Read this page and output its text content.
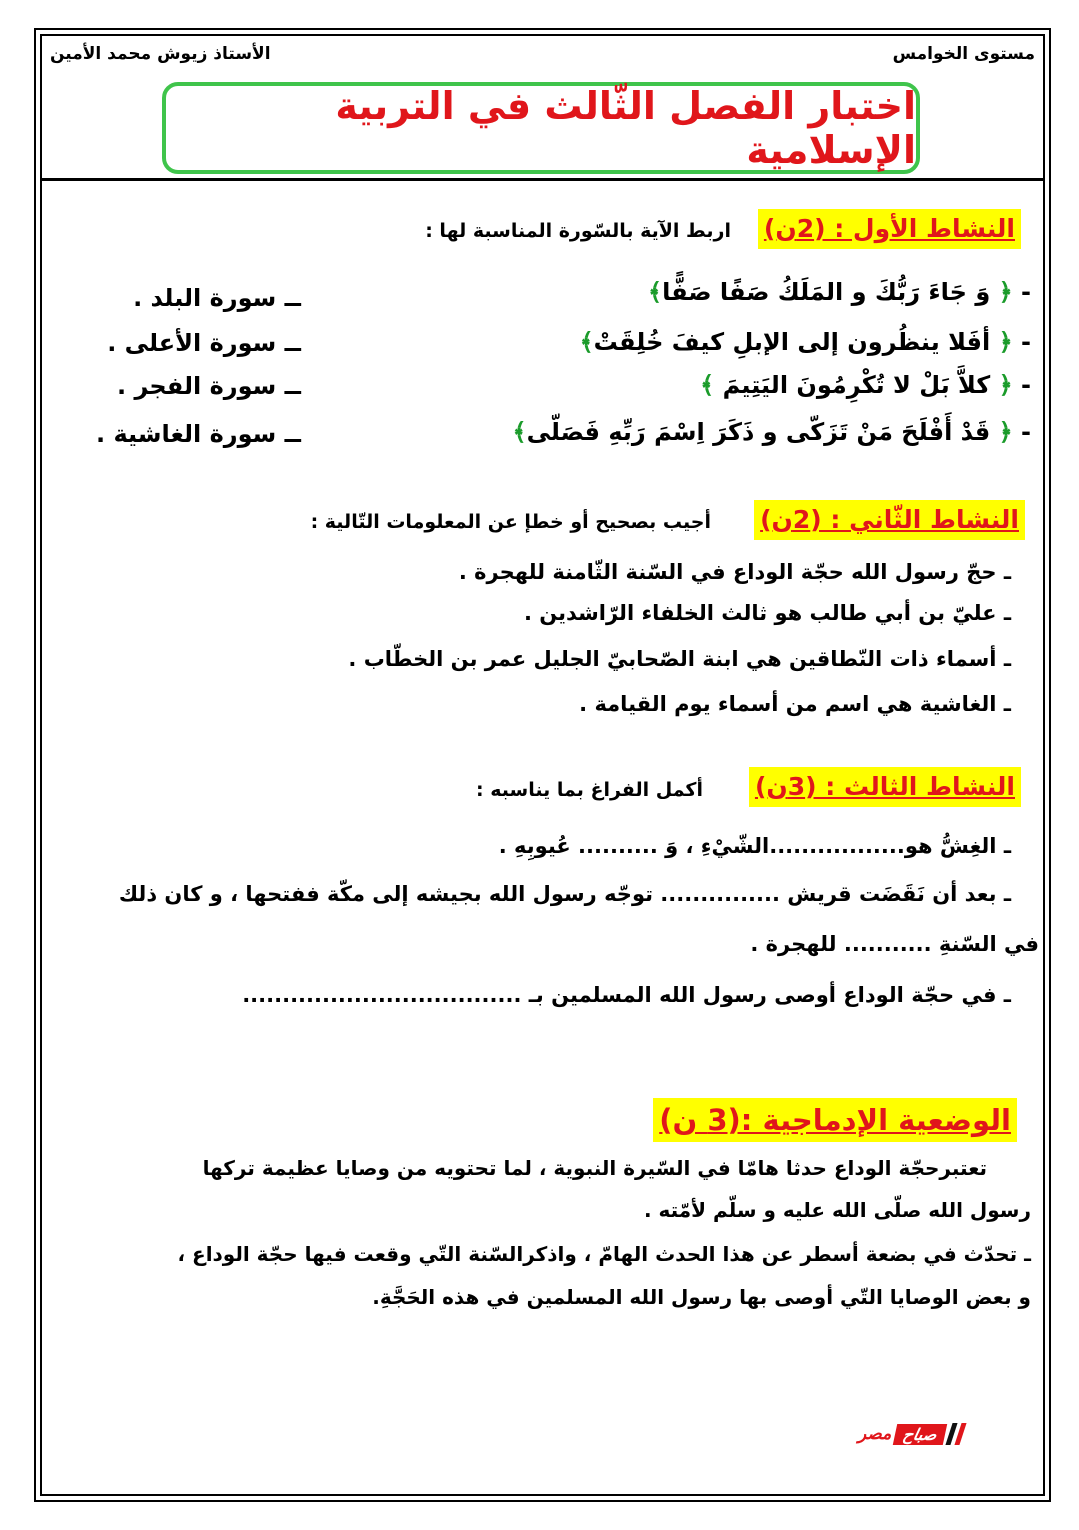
الأستاذ زيوش محمد الأمين	مستوى الخوامس
اختبار الفصل الثّالث في التربية الإسلامية
النشاط الأول : (2ن)
اربط الآية بالسّورة المناسبة لها :
- ﴿ وَ جَاءَ رَبُّكَ و المَلَكُ صَفًا صَفًّا﴾
- ﴿ أفَلا ينظُرون إلى الإبلِ كيفَ خُلِقَتْ﴾
- ﴿ كلاَّ بَلْ لا تُكْرِمُونَ اليَتِيمَ ﴾
- ﴿ قَدْ أَفْلَحَ مَنْ تَزَكّى و ذَكَرَ اِسْمَ رَبِّهِ فَصَلّى﴾
ــ سورة البلد .
ــ سورة الأعلى .
ــ سورة الفجر .
ــ سورة الغاشية .
النشاط الثّاني : (2ن)
أجيب بصحيح أو خطإ عن المعلومات التّالية :
ـ حجّ رسول الله حجّة الوداع في السّنة الثّامنة للهجرة .
ـ عليّ بن أبي طالب هو ثالث الخلفاء الرّاشدين .
ـ أسماء ذات النّطاقين هي ابنة الصّحابيّ الجليل عمر بن الخطّاب .
ـ الغاشية هي اسم من أسماء يوم القيامة .
النشاط الثالث : (3ن)
أكمل الفراغ بما يناسبه :
ـ الغِشُّ هو.................الشّيْءِ ، وَ .......... عُيوبِهِ .
ـ بعد أن نَقَضَت قريش ............... توجّه رسول الله بجيشه إلى مكّة ففتحها ، و كان ذلك
في السّنةِ ........... للهجرة .
ـ في حجّة الوداع أوصى رسول الله المسلمين بـ ...................................
الوضعية الإدماجية :(3 ن)
تعتبرحجّة الوداع حدثا هامّا في السّيرة النبوية ، لما تحتويه من وصايا عظيمة تركها
رسول الله صلّى الله عليه و سلّم لأمّته .
ـ تحدّث في بضعة أسطر عن هذا الحدث الهامّ ، واذكرالسّنة التّي وقعت فيها حجّة الوداع ،
و بعض الوصايا التّي أوصى بها رسول الله المسلمين في هذه الحَجَّةِ.
مصر صباح
